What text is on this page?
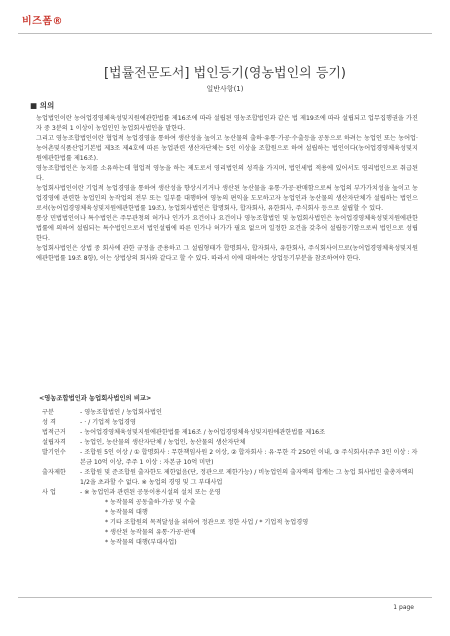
비즈폼®
[법률전문도서] 법인등기(영농법인의 등기)
일반사항(1)
■ 의의

농업법인이란 농어업경영체육성및지원에관한법률 제16조에 따라 설립된 영농조합법인과 같은 법 제19조에 따라 설립되고 업무집행권을 가진 자 중 3분의 1 이상이 농업인인 농업회사법인을 말한다.

그리고 영농조합법인이란 협업적 농업경영을 통하여 생산성을 높이고 농산물의 출하·유통·가공·수출등을 공동으로 하려는 농업인 또는 농어업·농어촌및식품산업기본법 제3조 제4호에 따른 농업관련 생산자단체는 5인 이상을 조합원으로 하여 설립하는 법인이다(농어업경영체육성및지원에관한법률 제16조).

영농조합법인은 농지를 소유하는데 협업적 영농을 하는 제도로서 영리법인의 성격을 가지며, 법인세법 적용에 있어서도 영리법인으로 취급된다.

농업회사법인이란 기업적 농업경영을 통하여 생산성을 향상시키거나 생산된 농산물을 유통·가공·판매함으로써 농업의 부가가치성을 높이고 농업경영에 관련한 농업인의 농작업의 전부 또는 일부를 대행하여 영농의 편익을 도모하고자 농업인과 농산물의 생산자단체가 설립하는 법인으로서(농어업경영체육성및지원에관한법률 19조), 농업회사법인은 합명회사, 합자회사, 유한회사, 주식회사 등으로 설립할 수 있다.

통상 민법법인이나 특수법인은 주무관청의 허가나 인가가 요건이나 요건이나 영농조합법인 및 농업회사법인은 농어업경영체육성및지원에관한법률에 의하여 설립되는 특수법인으로서 법인설립에 따른 인가나 허가가 필요 없으며 일정한 요건을 갖추어 설립등기함으로써 법인으로 성립한다.

농업회사법인은 상법 중 회사에 관한 규정을 준용하고 그 설립형태가 합명회사, 합자회사, 유한회사, 주식회사이므로(농어업경영체육성및지원에관한법률 19조 8항), 이는 상법상의 회사와 같다고 할 수 있다. 따라서 이에 대하여는 상업등기부분을 참조하여야 한다.

<영농조합법인과 농업회사법인의 비교>
구분	- 영농조합법인 / 농업회사법인
성 격	- · / 기업적 농업경영
법적근거	- 농어업경영체육성및지원에관한법률 제16조 / 농어업경영체육성및지원에관한법률 제16조
설립자격	- 농업인, 농산물의 생산자단체 / 농업인, 농산물의 생산자단체
발기인수	- 조합원 5인 이상 / ① 합명회사 : 무한책임사원 2 이상, ② 합자회사 : 유·무한 각 250인 이내, ③ 주식회사(주주 3인 이상 : 자본금 10억 이상, 주주 1 이상 : 자본금 10억 미만)
출자제한	- 조합원 및 준조합원 출자한도 제한없음(단, 정관으로 제한가능) / 비농업인의 출자액의 합계는 그 농업 회사법인 출총자액의 1/2을 초과할 수 없다. ※ 농업의 경영 및 그 부대사업
사 업	- ※ 농업인과 관련된 공동이용시설의 설치 또는 운영
* 농작물의 공동출하·가공 및 수출
* 농작물의 대행
* 기타 조합원의 목적달성을 위하여 정관으로 정한 사업 / * 기업적 농업경영
* 생산된 농작물의 유통·가공·판매
* 농작물의 대행(부대사업)
1 page
